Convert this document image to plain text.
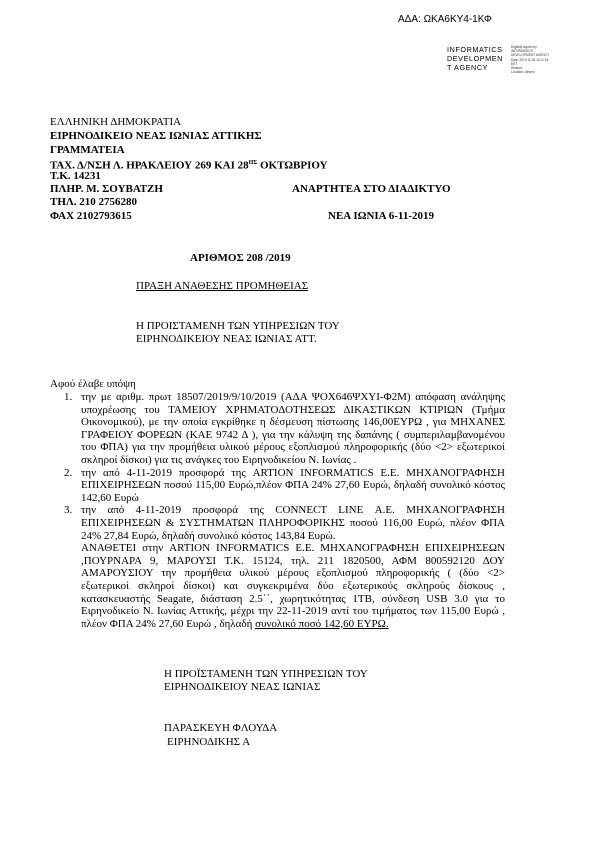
ΑΔΑ: ΩΚΑ6ΚΥ4-1ΚΦ
INFORMATICS
DEVELOPMEN
T AGENCY
Digitally signed by
INFORMATICS
DEVELOPMENT AGENCY
Date: 2019.11.06 10:11:24
EET
Reason:
Location: Athens
ΕΛΛΗΝΙΚΗ ΔΗΜΟΚΡΑΤΙΑ
ΕΙΡΗΝΟΔΙΚΕΙΟ ΝΕΑΣ ΙΩΝΙΑΣ ΑΤΤΙΚΗΣ
ΓΡΑΜΜΑΤΕΙΑ
ΤΑΧ. Δ/ΝΣΗ Λ. ΗΡΑΚΛΕΙΟΥ 269 ΚΑΙ $28^{H\Sigma}$ ΟΚΤΩΒΡΙΟΥ
Τ.Κ. 14231
ΠΛΗΡ. Μ. ΣΟΥΒΑΤΖΗ	ΑΝΑΡΤΗΤΕΑ ΣΤΟ ΔΙΑΔΙΚΤΥΟ
ΤΗΛ. 210 2756280
ΦΑΧ 2102793615	ΝΕΑ ΙΩΝΙΑ 6-11-2019
ΑΡΙΘΜΟΣ 208 /2019
ΠΡΑΞΗ ΑΝΑΘΕΣΗΣ ΠΡΟΜΗΘΕΙΑΣ
Η ΠΡΟΙΣΤΑΜΕΝΗ ΤΩΝ ΥΠΗΡΕΣΙΩΝ ΤΟΥ
ΕΙΡΗΝΟΔΙΚΕΙΟΥ ΝΕΑΣ ΙΩΝΙΑΣ ΑΤΤ.
Αφού έλαβε υπόψη
1. την με αριθμ. πρωτ 18507/2019/9/10/2019 (ΑΔΑ ΨΟΧ646ΨΧΥΙ-Φ2Μ) απόφαση ανάληψης υποχρέωσης του ΤΑΜΕΙΟΥ ΧΡΗΜΑΤΟΔΟΤΗΣΕΩΣ ΔΙΚΑΣΤΙΚΩΝ ΚΤΙΡΙΩΝ (Τμήμα Οικονομικού), με την οποία εγκρίθηκε η δέσμευση πίστωσης 146,00ΕΥΡΩ , για ΜΗΧΑΝΕΣ ΓΡΑΦΕΙΟΥ ΦΟΡΕΩΝ (ΚΑΕ 9742 Δ ), για την κάλυψη της δαπάνης ( συμπεριλαμβανομένου του ΦΠΑ) για την προμήθεια υλικού μέρους εξοπλισμού πληροφορικής (δύο <2> εξωτερικοί σκληροί δίσκοι) για τις ανάγκες του Ειρηνοδικείου Ν. Ιωνίας .

2. την από 4-11-2019 προσφορά της ARTION INFORMATICS Ε.Ε. ΜΗΧΑΝΟΓΡΑΦΗΣΗ ΕΠΙΧΕΙΡΗΣΕΩΝ ποσού 115,00 Ευρώ,πλέον ΦΠΑ 24% 27,60 Ευρώ, δηλαδή συνολικό κόστος 142,60 Ευρώ

3. την από 4-11-2019 προσφορά της CONNECT LINE Α.Ε. ΜΗΧΑΝΟΓΡΑΦΗΣΗ ΕΠΙΧΕΙΡΗΣΕΩΝ & ΣΥΣΤΗΜΑΤΩΝ ΠΛΗΡΟΦΟΡΙΚΗΣ ποσού 116,00 Ευρώ, πλέον ΦΠΑ 24% 27,84 Ευρώ, δηλαδή συνολικό κόστος 143,84 Ευρώ.

ΑΝΑΘΕΤΕΙ στην ARTION INFORMATICS Ε.Ε. ΜΗΧΑΝΟΓΡΑΦΗΣΗ ΕΠΙΧΕΙΡΗΣΕΩΝ ,ΠΟΥΡΝΑΡΑ 9, ΜΑΡΟΥΣΙ Τ.Κ. 15124, τηλ. 211 1820500, ΑΦΜ 800592120 ΔΟΥ ΑΜΑΡΟΥΣΙΟΥ την προμήθεια υλικού μέρους εξοπλισμού πληροφορικής ( (δύο <2> εξωτερικοί σκληροί δίσκοι) και συγκεκριμένα δύο εξωτερικούς σκληρούς δίσκους , κατασκευαστής Seagate, διάσταση 2.5΄΄, χωρητικότητας 1ΤΒ, σύνδεση USB 3.0 για το Ειρηνοδικείο Ν. Ιωνίας Αττικής, μέχρι την 22-11-2019 αντί του τιμήματος των 115,00 Ευρώ , πλέον ΦΠΑ 24% 27,60 Ευρώ , δηλαδή συνολικό ποσό 142,60 ΕΥΡΩ.

Η ΠΡΟΪΣΤΑΜΕΝΗ ΤΩΝ ΥΠΗΡΕΣΙΩΝ ΤΟΥ
ΕΙΡΗΝΟΔΙΚΕΙΟΥ ΝΕΑΣ ΙΩΝΙΑΣ
ΠΑΡΑΣΚΕΥΗ ΦΛΟΥΔΑ
ΕΙΡΗΝΟΔΙΚΗΣ Α
